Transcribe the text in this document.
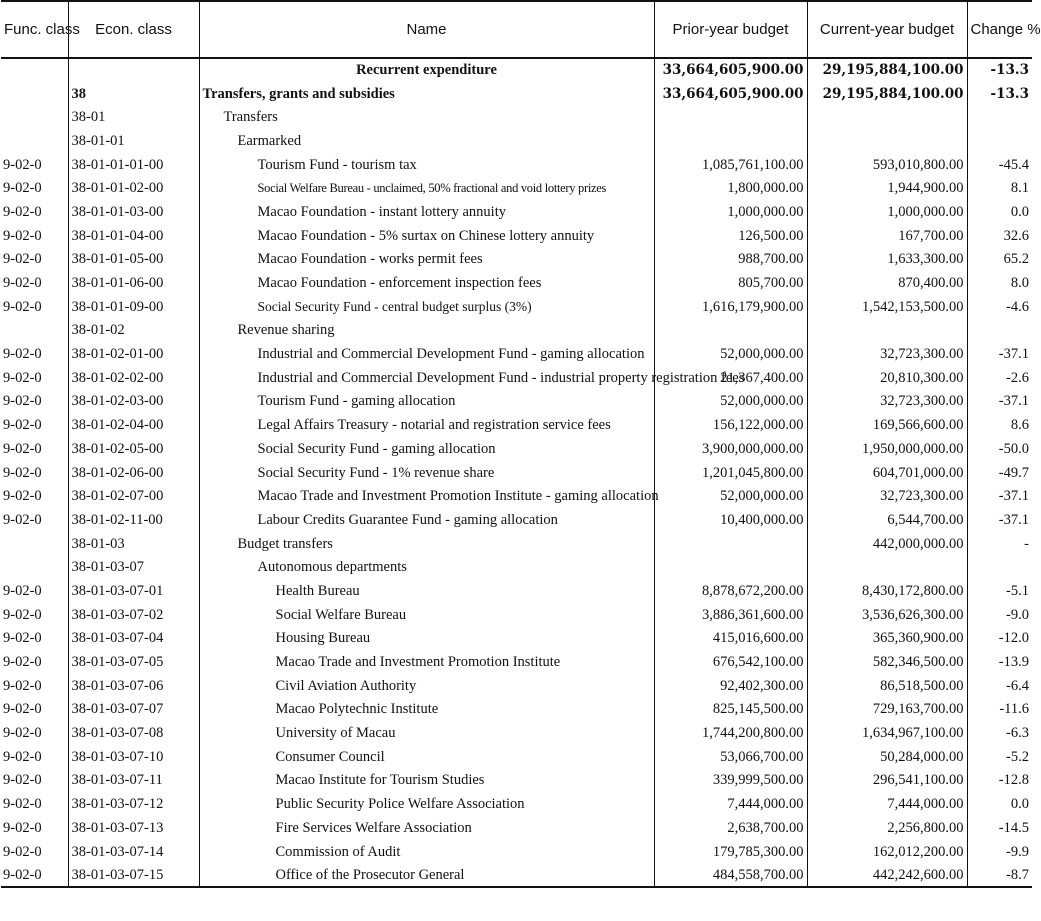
Func. class	Econ. class	Name	Prior-year budget	Current-year budget	Change %
		Recurrent expenditure	33,664,605,900.00	29,195,884,100.00	-13.3
	38	Transfers, grants and subsidies	33,664,605,900.00	29,195,884,100.00	-13.3
	38-01	Transfers			
	38-01-01	Earmarked			
9-02-0	38-01-01-01-00	Tourism Fund - tourism tax	1,085,761,100.00	593,010,800.00	-45.4
9-02-0	38-01-01-02-00	Social Welfare Bureau - unclaimed, 50% fractional and void lottery prizes	1,800,000.00	1,944,900.00	8.1
9-02-0	38-01-01-03-00	Macao Foundation - instant lottery annuity	1,000,000.00	1,000,000.00	0.0
9-02-0	38-01-01-04-00	Macao Foundation - 5% surtax on Chinese lottery annuity	126,500.00	167,700.00	32.6
9-02-0	38-01-01-05-00	Macao Foundation - works permit fees	988,700.00	1,633,300.00	65.2
9-02-0	38-01-01-06-00	Macao Foundation - enforcement inspection fees	805,700.00	870,400.00	8.0
9-02-0	38-01-01-09-00	Social Security Fund - central budget surplus (3%)	1,616,179,900.00	1,542,153,500.00	-4.6
	38-01-02	Revenue sharing			
9-02-0	38-01-02-01-00	Industrial and Commercial Development Fund - gaming allocation	52,000,000.00	32,723,300.00	-37.1
9-02-0	38-01-02-02-00	Industrial and Commercial Development Fund - industrial property registration fees	21,367,400.00	20,810,300.00	-2.6
9-02-0	38-01-02-03-00	Tourism Fund - gaming allocation	52,000,000.00	32,723,300.00	-37.1
9-02-0	38-01-02-04-00	Legal Affairs Treasury - notarial and registration service fees	156,122,000.00	169,566,600.00	8.6
9-02-0	38-01-02-05-00	Social Security Fund - gaming allocation	3,900,000,000.00	1,950,000,000.00	-50.0
9-02-0	38-01-02-06-00	Social Security Fund - 1% revenue share	1,201,045,800.00	604,701,000.00	-49.7
9-02-0	38-01-02-07-00	Macao Trade and Investment Promotion Institute - gaming allocation	52,000,000.00	32,723,300.00	-37.1
9-02-0	38-01-02-11-00	Labour Credits Guarantee Fund - gaming allocation	10,400,000.00	6,544,700.00	-37.1
	38-01-03	Budget transfers		442,000,000.00	-
	38-01-03-07	Autonomous departments			
9-02-0	38-01-03-07-01	Health Bureau	8,878,672,200.00	8,430,172,800.00	-5.1
9-02-0	38-01-03-07-02	Social Welfare Bureau	3,886,361,600.00	3,536,626,300.00	-9.0
9-02-0	38-01-03-07-04	Housing Bureau	415,016,600.00	365,360,900.00	-12.0
9-02-0	38-01-03-07-05	Macao Trade and Investment Promotion Institute	676,542,100.00	582,346,500.00	-13.9
9-02-0	38-01-03-07-06	Civil Aviation Authority	92,402,300.00	86,518,500.00	-6.4
9-02-0	38-01-03-07-07	Macao Polytechnic Institute	825,145,500.00	729,163,700.00	-11.6
9-02-0	38-01-03-07-08	University of Macau	1,744,200,800.00	1,634,967,100.00	-6.3
9-02-0	38-01-03-07-10	Consumer Council	53,066,700.00	50,284,000.00	-5.2
9-02-0	38-01-03-07-11	Macao Institute for Tourism Studies	339,999,500.00	296,541,100.00	-12.8
9-02-0	38-01-03-07-12	Public Security Police Welfare Association	7,444,000.00	7,444,000.00	0.0
9-02-0	38-01-03-07-13	Fire Services Welfare Association	2,638,700.00	2,256,800.00	-14.5
9-02-0	38-01-03-07-14	Commission of Audit	179,785,300.00	162,012,200.00	-9.9
9-02-0	38-01-03-07-15	Office of the Prosecutor General	484,558,700.00	442,242,600.00	-8.7
